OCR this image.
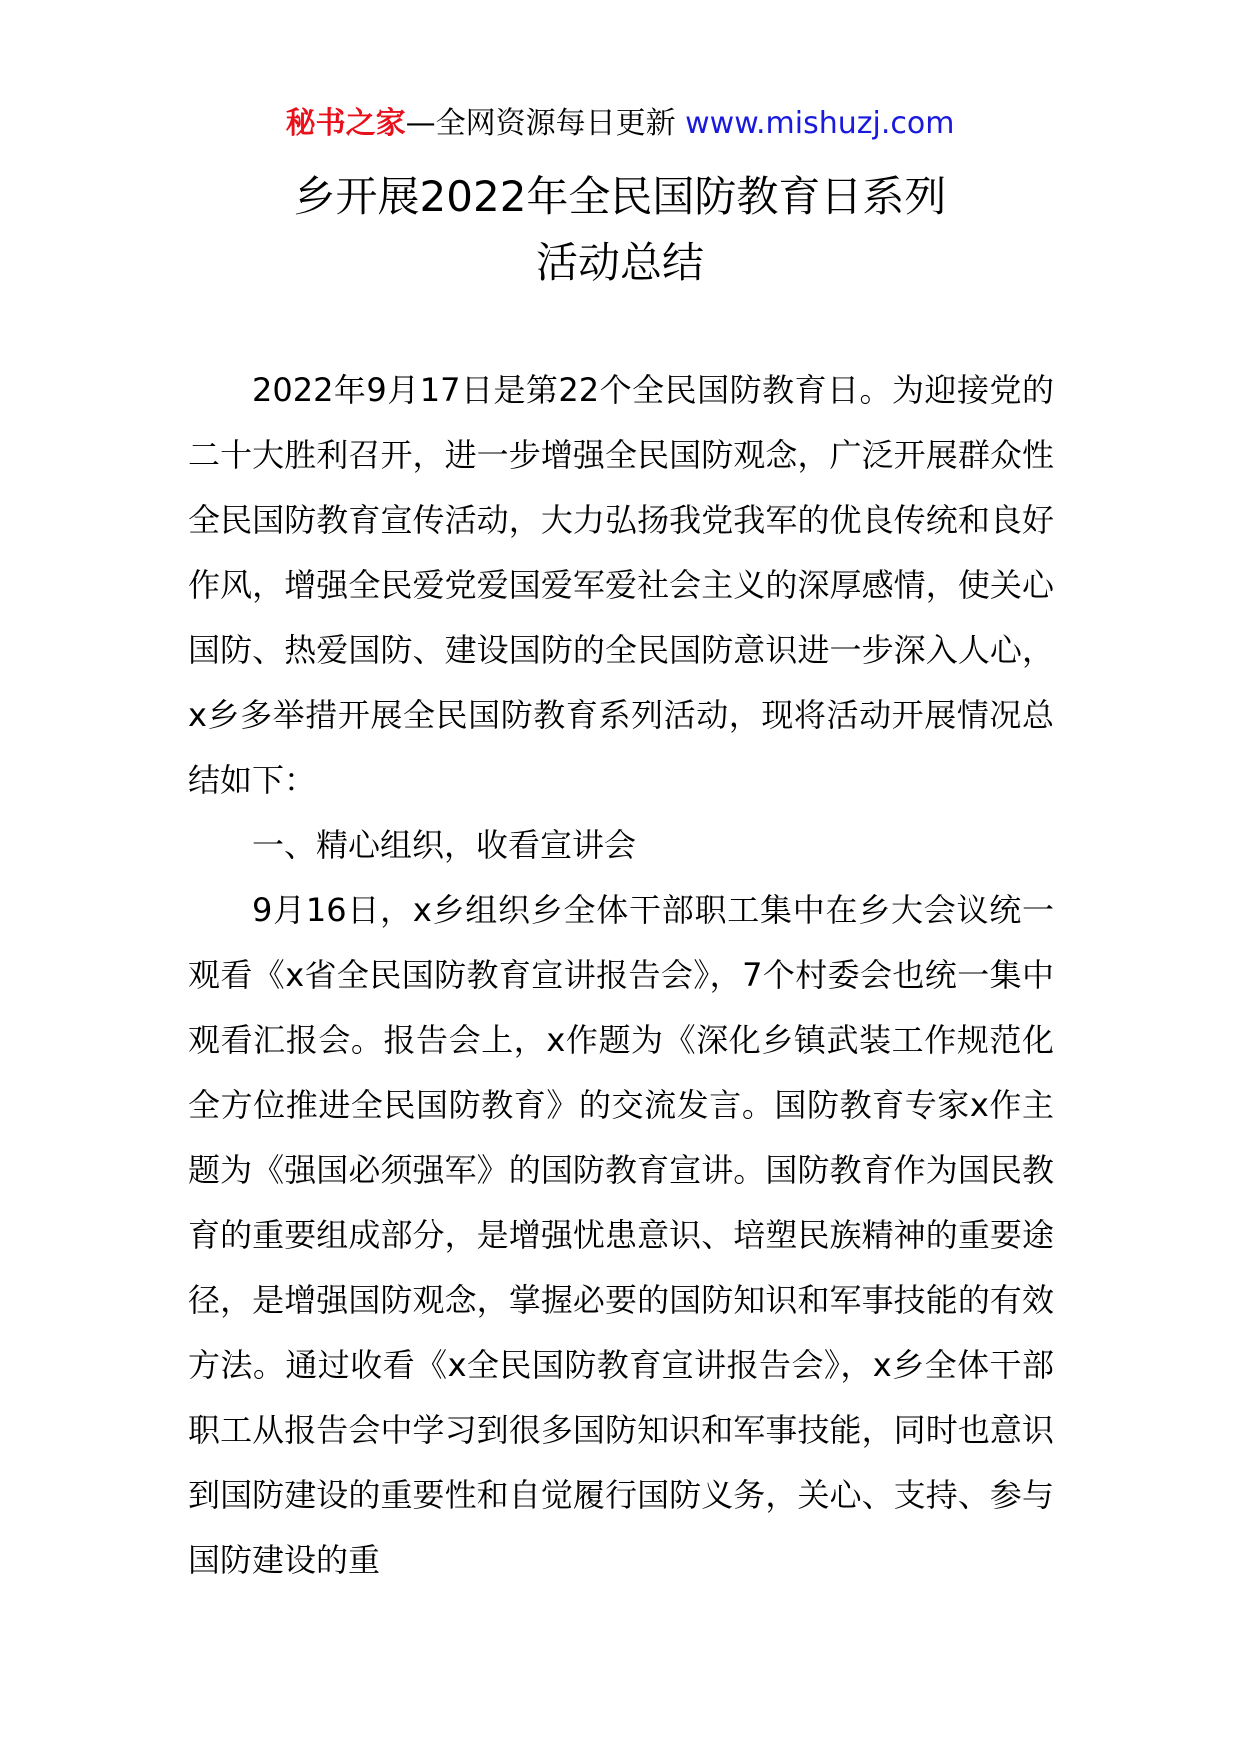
秘书之家—全网资源每日更新 www.mishuzj.com
乡开展2022年全民国防教育日系列
活动总结

2022年9月17日是第22个全民国防教育日。为迎接党的二十大胜利召开，进一步增强全民国防观念，广泛开展群众性全民国防教育宣传活动，大力弘扬我党我军的优良传统和良好作风，增强全民爱党爱国爱军爱社会主义的深厚感情，使关心国防、热爱国防、建设国防的全民国防意识进一步深入人心，x乡多举措开展全民国防教育系列活动，现将活动开展情况总结如下：

一、精心组织，收看宣讲会

9月16日，x乡组织乡全体干部职工集中在乡大会议统一观看《x省全民国防教育宣讲报告会》，7个村委会也统一集中观看汇报会。报告会上，x作题为《深化乡镇武装工作规范化全方位推进全民国防教育》的交流发言。国防教育专家x作主题为《强国必须强军》的国防教育宣讲。国防教育作为国民教育的重要组成部分，是增强忧患意识、培塑民族精神的重要途径，是增强国防观念，掌握必要的国防知识和军事技能的有效方法。通过收看《x全民国防教育宣讲报告会》，x乡全体干部职工从报告会中学习到很多国防知识和军事技能，同时也意识到国防建设的重要性和自觉履行国防义务，关心、支持、参与国防建设的重
